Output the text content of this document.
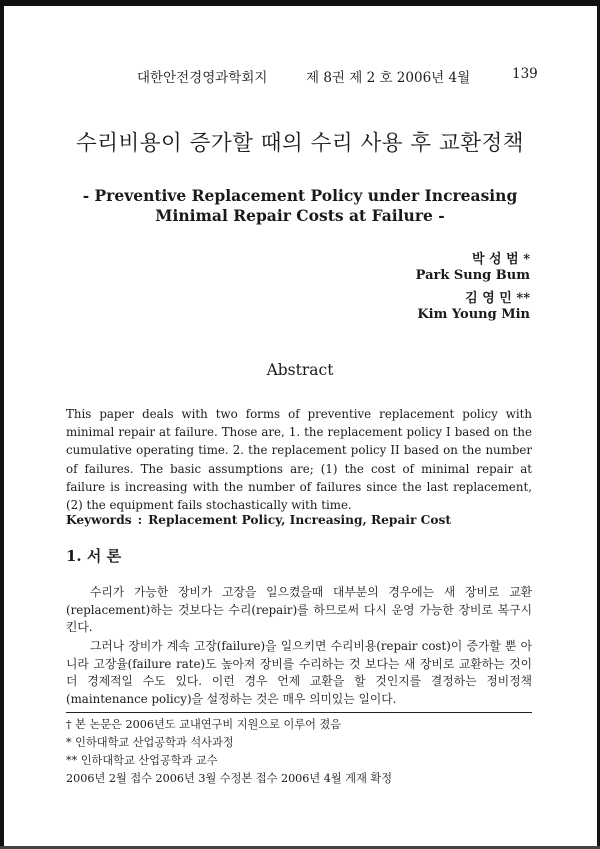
대한안전경영과학회지	제 8권 제 2 호 2006년 4월	139
수리비용이 증가할 때의 수리 사용 후 교환정책
- Preventive Replacement Policy under Increasing
Minimal Repair Costs at Failure -
박 성 범 *
Park Sung Bum
김 영 민 **
Kim Young Min
Abstract
This paper deals with two forms of preventive replacement policy with minimal repair at failure. Those are, 1. the replacement policy I based on the cumulative operating time. 2. the replacement policy II based on the number of failures. The basic assumptions are; (1) the cost of minimal repair at failure is increasing with the number of failures since the last replacement, (2) the equipment fails stochastically with time.
Keywords : Replacement Policy, Increasing, Repair Cost
1. 서 론
수리가 가능한 장비가 고장을 일으켰을때 대부분의 경우에는 새 장비로 교환(replacement)하는 것보다는 수리(repair)를 하므로써 다시 운영 가능한 장비로 복구시킨다.
그러나 장비가 계속 고장(failure)을 일으키면 수리비용(repair cost)이 증가할 뿐 아니라 고장율(failure rate)도 높아져 장비를 수리하는 것 보다는 새 장비로 교환하는 것이 더 경제적일 수도 있다. 이런 경우 언제 교환을 할 것인지를 결정하는 정비정책(maintenance policy)을 설정하는 것은 매우 의미있는 일이다.
† 본 논문은 2006년도 교내연구비 지원으로 이루어 졌음
* 인하대학교 산업공학과 석사과정
** 인하대학교 산업공학과 교수
2006년 2월 접수 2006년 3월 수정본 접수 2006년 4월 게재 확정
